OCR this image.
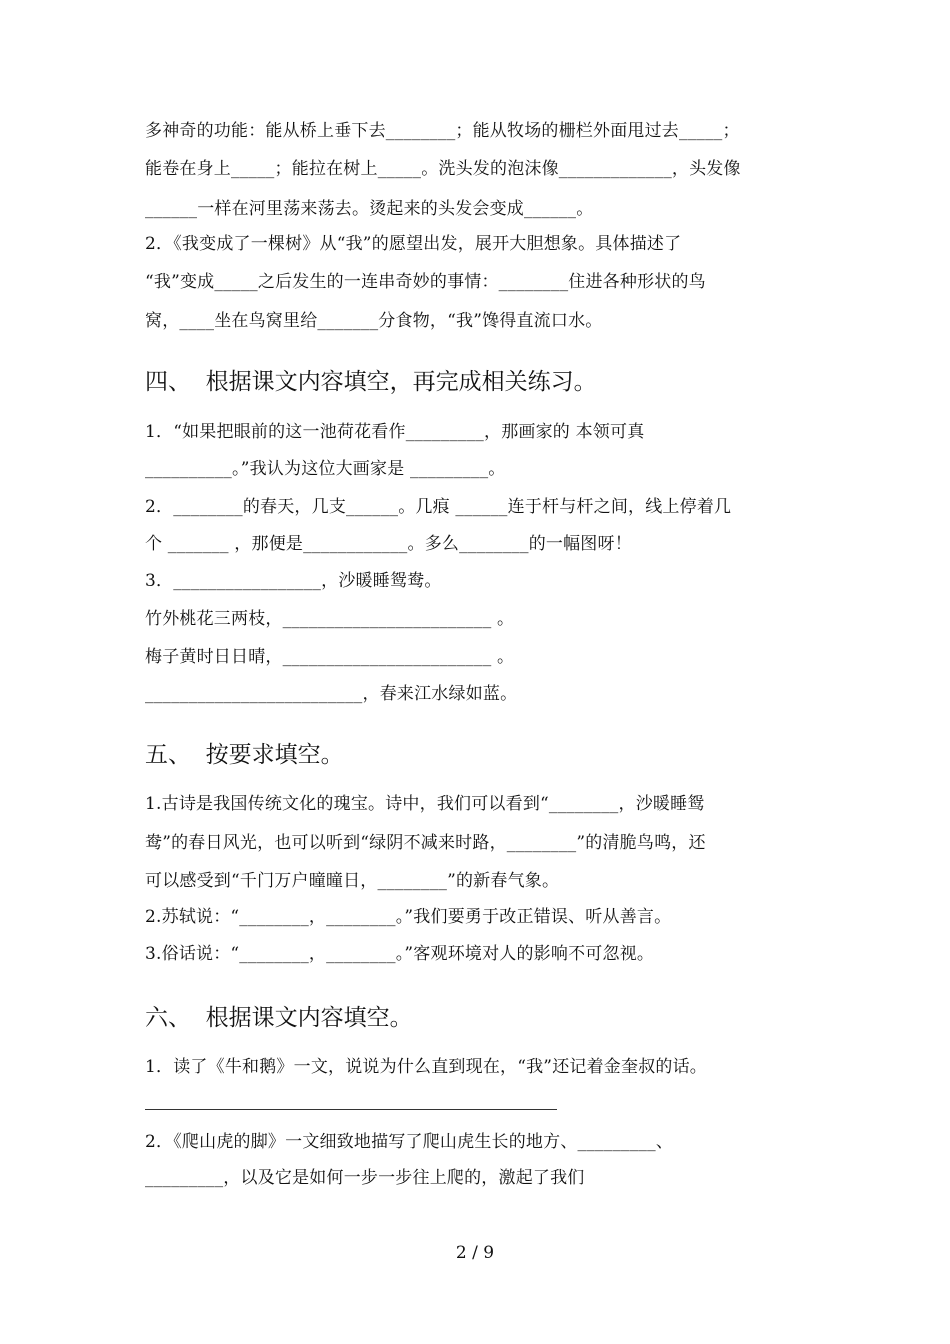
多神奇的功能：能从桥上垂下去________；能从牧场的栅栏外面甩过去_____；
能卷在身上_____；能拉在树上_____。洗头发的泡沫像_____________，头发像
______一样在河里荡来荡去。烫起来的头发会变成______。
2．《我变成了一棵树》从“我”的愿望出发，展开大胆想象。具体描述了
“我”变成_____之后发生的一连串奇妙的事情：________住进各种形状的鸟
窝，____坐在鸟窝里给_______分食物，“我”馋得直流口水。
四、  根据课文内容填空，再完成相关练习。
1．“如果把眼前的这一池荷花看作_________，那画家的 本领可真
__________。”我认为这位大画家是 _________。
2．________的春天，几支______。几痕 ______连于杆与杆之间，线上停着几
个 _______ ，那便是____________。多么________的一幅图呀！
3．_________________，沙暖睡鸳鸯。
竹外桃花三两枝，________________________ 。
梅子黄时日日晴，________________________ 。
_________________________，春来江水绿如蓝。
五、  按要求填空。
1.古诗是我国传统文化的瑰宝。诗中，我们可以看到“________，沙暖睡鸳
鸯”的春日风光，也可以听到“绿阴不减来时路，________”的清脆鸟鸣，还
可以感受到“千门万户曈曈日，________”的新春气象。
2.苏轼说：“________，________。”我们要勇于改正错误、听从善言。
3.俗话说：“________，________。”客观环境对人的影响不可忽视。
六、  根据课文内容填空。
1．读了《牛和鹅》一文，说说为什么直到现在，“我”还记着金奎叔的话。
2．《爬山虎的脚》一文细致地描写了爬山虎生长的地方、_________、
_________，以及它是如何一步一步往上爬的，激起了我们
2 / 9
